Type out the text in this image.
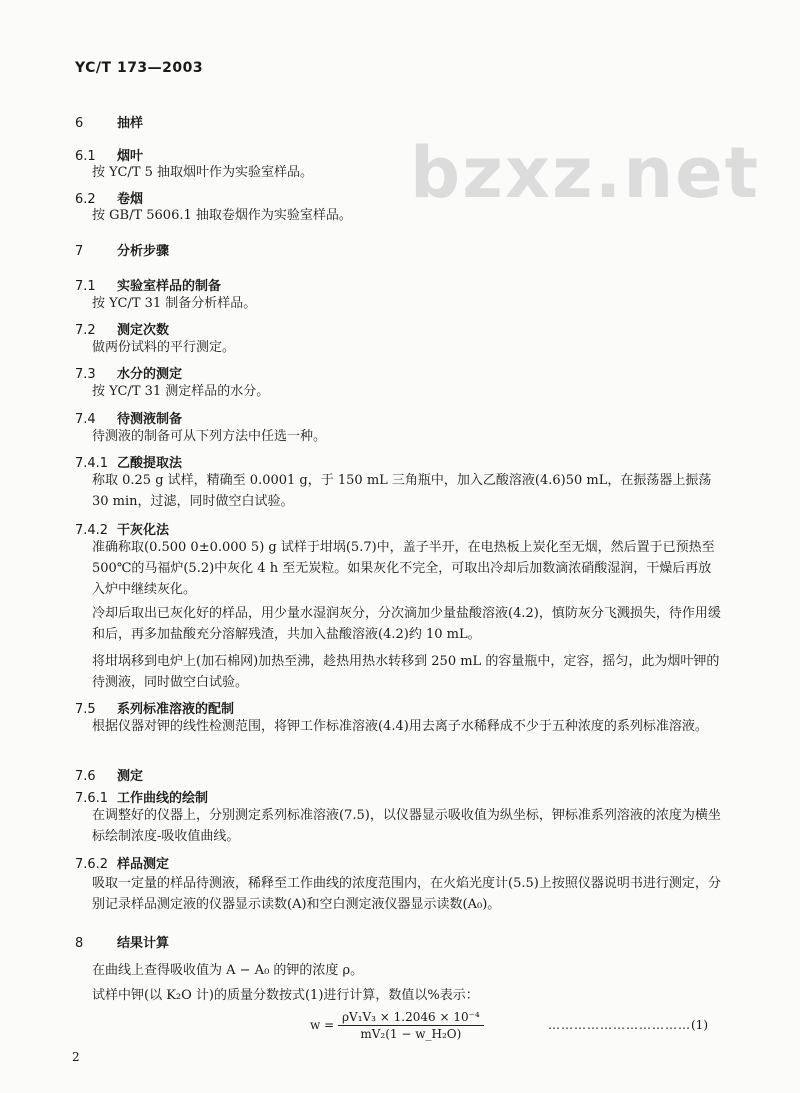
YC/T 173—2003
bzxz.net
6	抽样
6.1 烟叶
按 YC/T 5 抽取烟叶作为实验室样品。
6.2 卷烟
按 GB/T 5606.1 抽取卷烟作为实验室样品。
7	分析步骤
7.1 实验室样品的制备
按 YC/T 31 制备分析样品。
7.2 测定次数
做两份试料的平行测定。
7.3 水分的测定
按 YC/T 31 测定样品的水分。
7.4 待测液制备
待测液的制备可从下列方法中任选一种。
7.4.1 乙酸提取法
称取 0.25 g 试样，精确至 0.0001 g，于 150 mL 三角瓶中，加入乙酸溶液(4.6)50 mL，在振荡器上振荡 30 min，过滤，同时做空白试验。
7.4.2 干灰化法
准确称取(0.500 0±0.000 5) g 试样于坩埚(5.7)中，盖子半开，在电热板上炭化至无烟，然后置于已预热至 500℃的马福炉(5.2)中灰化 4 h 至无炭粒。如果灰化不完全，可取出冷却后加数滴浓硝酸湿润，干燥后再放入炉中继续灰化。
冷却后取出已灰化好的样品，用少量水湿润灰分，分次滴加少量盐酸溶液(4.2)，慎防灰分飞溅损失，待作用缓和后，再多加盐酸充分溶解残渣，共加入盐酸溶液(4.2)约 10 mL。
将坩埚移到电炉上(加石棉网)加热至沸，趁热用热水转移到 250 mL 的容量瓶中，定容，摇匀，此为烟叶钾的待测液，同时做空白试验。
7.5 系列标准溶液的配制
根据仪器对钾的线性检测范围，将钾工作标准溶液(4.4)用去离子水稀释成不少于五种浓度的系列标准溶液。
7.6 测定
7.6.1 工作曲线的绘制
在调整好的仪器上，分别测定系列标准溶液(7.5)，以仪器显示吸收值为纵坐标，钾标准系列溶液的浓度为横坐标绘制浓度-吸收值曲线。
7.6.2 样品测定
吸取一定量的样品待测液，稀释至工作曲线的浓度范围内，在火焰光度计(5.5)上按照仪器说明书进行测定，分别记录样品测定液的仪器显示读数(A)和空白测定液仪器显示读数(A₀)。
8	结果计算
在曲线上查得吸收值为 A − A₀ 的钾的浓度 ρ。
试样中钾(以 K₂O 计)的质量分数按式(1)进行计算，数值以%表示：
$w = \frac{\text{ρV₁V₃ × 1.2046 × 10⁻⁴}}{\text{mV₂(1 − w\_H₂O)}}$	……………………………(1)
2
